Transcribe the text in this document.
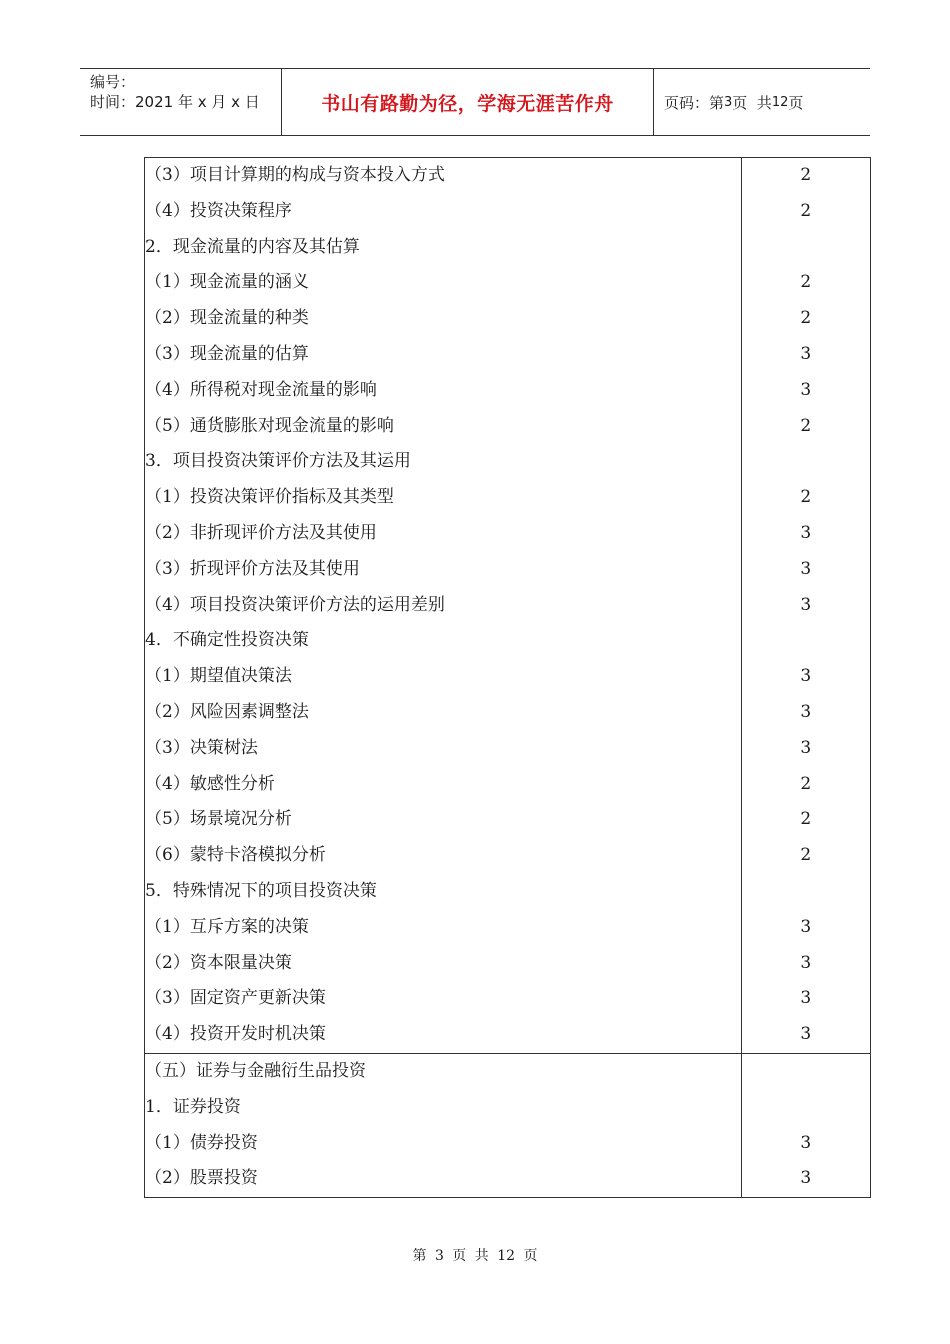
编号：
时间：2021 年 x 月 x 日	书山有路勤为径，学海无涯苦作舟	页码：第 3 页  共 12 页
（3）项目计算期的构成与资本投入方式	2
（4）投资决策程序	2
2．现金流量的内容及其估算	
（1）现金流量的涵义	2
（2）现金流量的种类	2
（3）现金流量的估算	3
（4）所得税对现金流量的影响	3
（5）通货膨胀对现金流量的影响	2
3．项目投资决策评价方法及其运用	
（1）投资决策评价指标及其类型	2
（2）非折现评价方法及其使用	3
（3）折现评价方法及其使用	3
（4）项目投资决策评价方法的运用差别	3
4．不确定性投资决策	
（1）期望值决策法	3
（2）风险因素调整法	3
（3）决策树法	3
（4）敏感性分析	2
（5）场景境况分析	2
（6）蒙特卡洛模拟分析	2
5．特殊情况下的项目投资决策	
（1）互斥方案的决策	3
（2）资本限量决策	3
（3）固定资产更新决策	3
（4）投资开发时机决策	3
（五）证券与金融衍生品投资	
1．证券投资	
（1）债券投资	3
（2）股票投资	3
第 3 页 共 12 页
